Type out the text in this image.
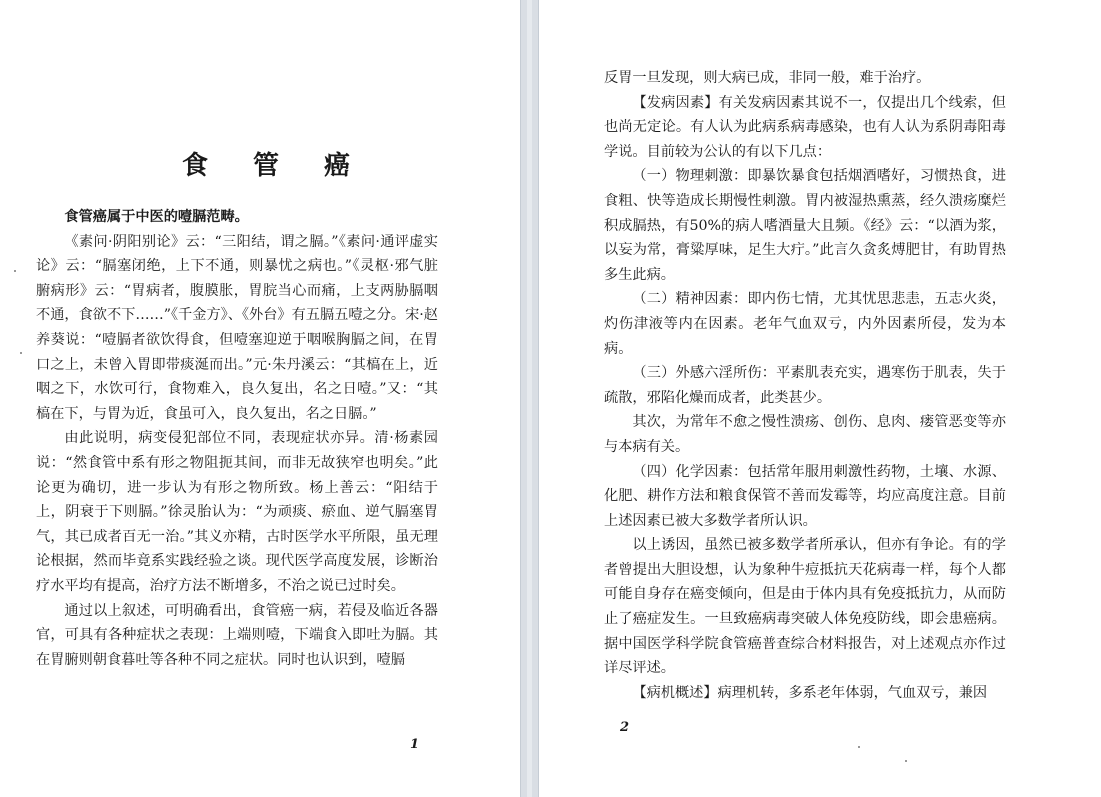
食 管 癌

食管癌属于中医的噎膈范畴。

《素问·阴阳别论》云：“三阳结，谓之膈。”《素问·通评虚实论》云：“膈塞闭绝，上下不通，则暴忧之病也。”《灵枢·邪气脏腑病形》云：“胃病者，腹膜胀，胃脘当心而痛，上支两胁膈咽不通，食欲不下……”《千金方》、《外台》有五膈五噎之分。宋·赵养葵说：“噎膈者欲饮得食，但噎塞迎逆于咽喉胸膈之间，在胃口之上，未曾入胃即带痰涎而出。”元·朱丹溪云：“其槁在上，近咽之下，水饮可行，食物难入，良久复出，名之日噎。”又：“其槁在下，与胃为近，食虽可入，良久复出，名之日膈。”

由此说明，病变侵犯部位不同，表现症状亦异。清·杨素园说：“然食管中系有形之物阻扼其间，而非无故狭窄也明矣。”此论更为确切，进一步认为有形之物所致。杨上善云：“阳结于上，阴衰于下则膈。”徐灵胎认为：“为顽痰、瘀血、逆气膈塞胃气，其已成者百无一治。”其义亦精，古时医学水平所限，虽无理论根据，然而毕竟系实践经验之谈。现代医学高度发展，诊断治疗水平均有提高，治疗方法不断增多，不治之说已过时矣。

通过以上叙述，可明确看出，食管癌一病，若侵及临近各器官，可具有各种症状之表现：上端则噎，下端食入即吐为膈。其在胃腑则朝食暮吐等各种不同之症状。同时也认识到，噎膈

1

反胃一旦发现，则大病已成，非同一般，难于治疗。

【发病因素】有关发病因素其说不一，仅提出几个线索，但也尚无定论。有人认为此病系病毒感染，也有人认为系阴毒阳毒学说。目前较为公认的有以下几点：

（一）物理刺激：即暴饮暴食包括烟酒嗜好，习惯热食，进食粗、快等造成长期慢性刺激。胃内被湿热熏蒸，经久溃疡糜烂积成膈热，有50%的病人嗜酒量大且频。《经》云：“以酒为浆，以妄为常，膏粱厚味，足生大疔。”此言久贪炙煿肥甘，有助胃热多生此病。

（二）精神因素：即内伤七情，尤其忧思悲恚，五志火炎，灼伤津液等内在因素。老年气血双亏，内外因素所侵，发为本病。

（三）外感六淫所伤：平素肌表充实，遇寒伤于肌表，失于疏散，邪陷化燥而成者，此类甚少。

其次，为常年不愈之慢性溃疡、创伤、息肉、瘘管恶变等亦与本病有关。

（四）化学因素：包括常年服用刺激性药物，土壤、水源、化肥、耕作方法和粮食保管不善而发霉等，均应高度注意。目前上述因素已被大多数学者所认识。

以上诱因，虽然已被多数学者所承认，但亦有争论。有的学者曾提出大胆设想，认为象种牛痘抵抗天花病毒一样，每个人都可能自身存在癌变倾向，但是由于体内具有免疫抵抗力，从而防止了癌症发生。一旦致癌病毒突破人体免疫防线，即会患癌病。据中国医学科学院食管癌普查综合材料报告，对上述观点亦作过详尽评述。

【病机概述】病理机转，多系老年体弱，气血双亏，兼因

2
